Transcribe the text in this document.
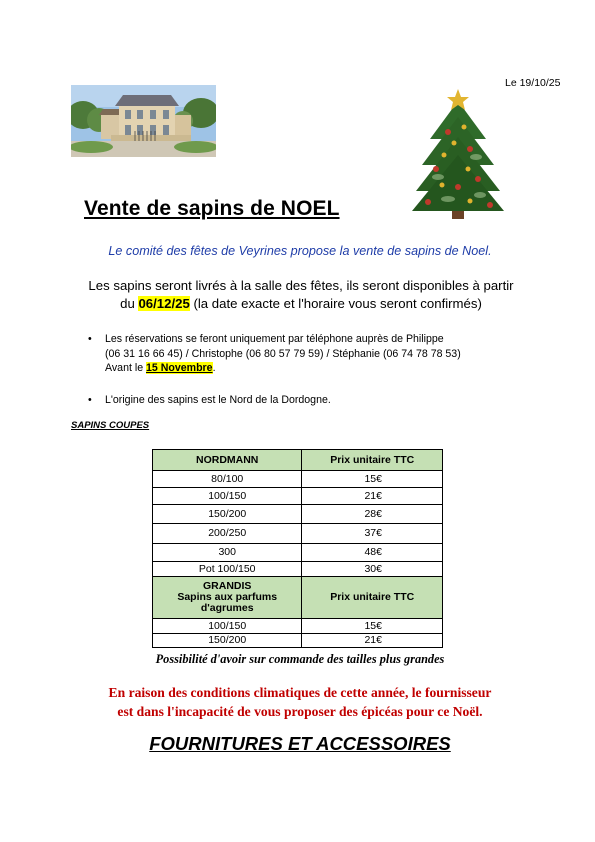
Le 19/10/25
Vente de sapins de NOEL
Le comité des fêtes de Veyrines propose la vente de sapins de Noel.
Les sapins seront livrés à la salle des fêtes, ils seront disponibles à partir
du 06/12/25 (la date exacte et l'horaire vous seront confirmés)
• Les réservations se feront uniquement par téléphone auprès de Philippe
(06 31 16 66 45) / Christophe (06 80 57 79 59) / Stéphanie (06 74 78 78 53)
Avant le 15 Novembre.
• L'origine des sapins est le Nord de la Dordogne.
SAPINS COUPES
NORDMANN	Prix unitaire TTC
80/100	15€
100/150	21€
150/200	28€
200/250	37€
300	48€
Pot 100/150	30€

GRANDIS
Sapins aux parfums
d'agrumes	Prix unitaire TTC
100/150	15€
150/200	21€
Possibilité d'avoir sur commande des tailles plus grandes
En raison des conditions climatiques de cette année, le fournisseur
est dans l'incapacité de vous proposer des épicéas pour ce Noël.
FOURNITURES ET ACCESSOIRES
